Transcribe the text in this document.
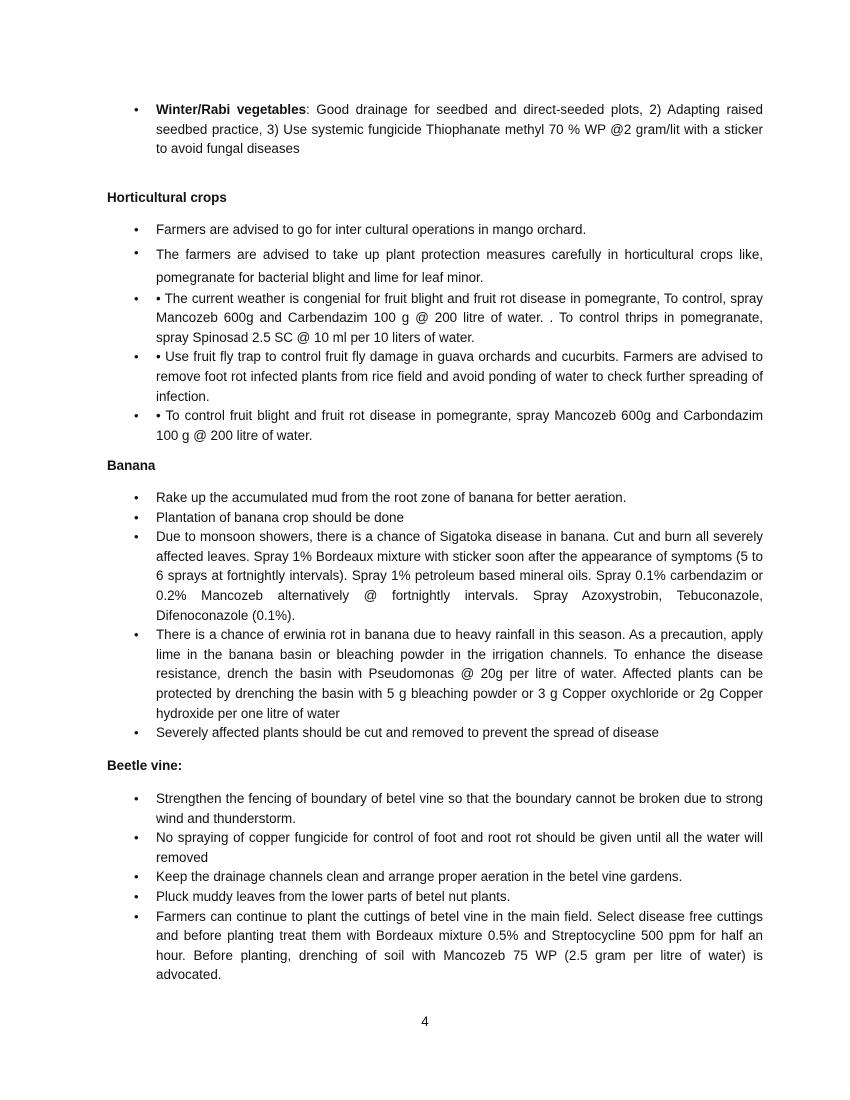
• Winter/Rabi vegetables: Good drainage for seedbed and direct-seeded plots, 2) Adapting raised seedbed practice, 3) Use systemic fungicide Thiophanate methyl 70 % WP @2 gram/lit with a sticker to avoid fungal diseases
Horticultural crops
• Farmers are advised to go for inter cultural operations in mango orchard.
• The farmers are advised to take up plant protection measures carefully in horticultural crops like, pomegranate for bacterial blight and lime for leaf minor.
• • The current weather is congenial for fruit blight and fruit rot disease in pomegrante, To control, spray Mancozeb 600g and Carbendazim 100 g @ 200 litre of water. . To control thrips in pomegranate, spray Spinosad 2.5 SC @ 10 ml per 10 liters of water.
• • Use fruit fly trap to control fruit fly damage in guava orchards and cucurbits. Farmers are advised to remove foot rot infected plants from rice field and avoid ponding of water to check further spreading of infection.
• • To control fruit blight and fruit rot disease in pomegrante, spray Mancozeb 600g and Carbondazim 100 g @ 200 litre of water.
Banana
• Rake up the accumulated mud from the root zone of banana for better aeration.
• Plantation of banana crop should be done
• Due to monsoon showers, there is a chance of Sigatoka disease in banana. Cut and burn all severely affected leaves. Spray 1% Bordeaux mixture with sticker soon after the appearance of symptoms (5 to 6 sprays at fortnightly intervals). Spray 1% petroleum based mineral oils. Spray 0.1% carbendazim or 0.2% Mancozeb alternatively @ fortnightly intervals. Spray Azoxystrobin, Tebuconazole, Difenoconazole (0.1%).
• There is a chance of erwinia rot in banana due to heavy rainfall in this season. As a precaution, apply lime in the banana basin or bleaching powder in the irrigation channels. To enhance the disease resistance, drench the basin with Pseudomonas @ 20g per litre of water. Affected plants can be protected by drenching the basin with 5 g bleaching powder or 3 g Copper oxychloride or 2g Copper hydroxide per one litre of water
• Severely affected plants should be cut and removed to prevent the spread of disease
Beetle vine:
• Strengthen the fencing of boundary of betel vine so that the boundary cannot be broken due to strong wind and thunderstorm.
• No spraying of copper fungicide for control of foot and root rot should be given until all the water will removed
• Keep the drainage channels clean and arrange proper aeration in the betel vine gardens.
• Pluck muddy leaves from the lower parts of betel nut plants.
• Farmers can continue to plant the cuttings of betel vine in the main field. Select disease free cuttings and before planting treat them with Bordeaux mixture 0.5% and Streptocycline 500 ppm for half an hour. Before planting, drenching of soil with Mancozeb 75 WP (2.5 gram per litre of water) is advocated.
4
